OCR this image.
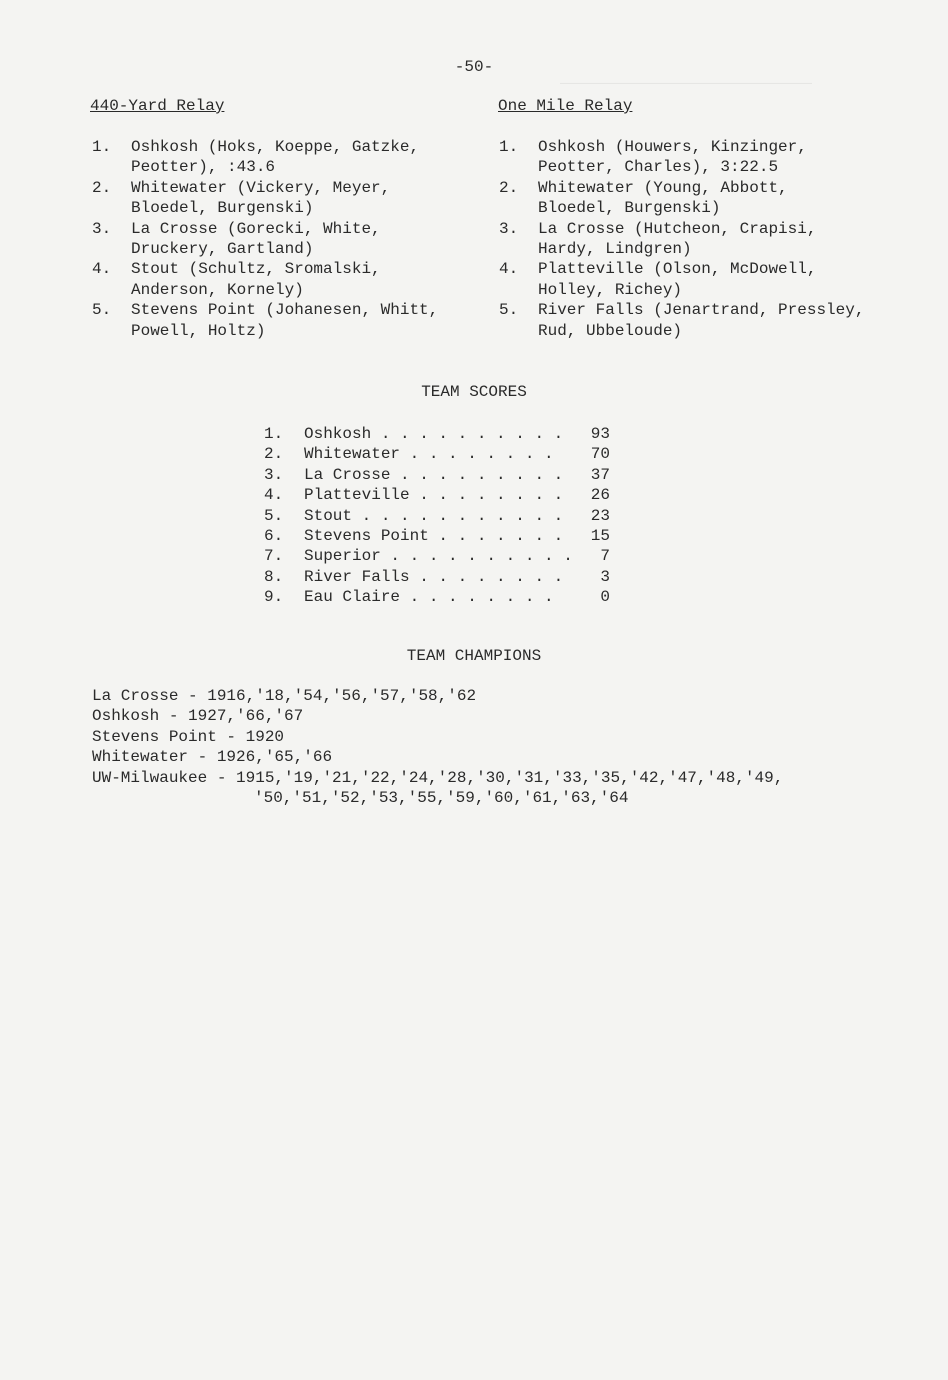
‾‾‾‾‾‾‾‾‾‾‾‾‾‾‾‾‾‾‾‾‾‾‾‾‾‾‾‾
-50-
440-Yard Relay
1. Oshkosh (Hoks, Koeppe, Gatzke,
Peotter), :43.6
2. Whitewater (Vickery, Meyer,
Bloedel, Burgenski)
3. La Crosse (Gorecki, White,
Druckery, Gartland)
4. Stout (Schultz, Sromalski,
Anderson, Kornely)
5. Stevens Point (Johanesen, Whitt,
Powell, Holtz)
One Mile Relay
1. Oshkosh (Houwers, Kinzinger,
Peotter, Charles), 3:22.5
2. Whitewater (Young, Abbott,
Bloedel, Burgenski)
3. La Crosse (Hutcheon, Crapisi,
Hardy, Lindgren)
4. Platteville (Olson, McDowell,
Holley, Richey)
5. River Falls (Jenartrand, Pressley,
Rud, Ubbeloude)
TEAM SCORES
1.	Oshkosh . . . . . . . . . .	93
2.	Whitewater . . . . . . . .	70
3.	La Crosse . . . . . . . . .	37
4.	Platteville . . . . . . . .	26
5.	Stout . . . . . . . . . . .	23
6.	Stevens Point . . . . . . .	15
7.	Superior . . . . . . . . . .	7
8.	River Falls . . . . . . . .	3
9.	Eau Claire . . . . . . . .	0
TEAM CHAMPIONS
La Crosse - 1916,'18,'54,'56,'57,'58,'62
Oshkosh - 1927,'66,'67
Stevens Point - 1920
Whitewater - 1926,'65,'66
UW-Milwaukee - 1915,'19,'21,'22,'24,'28,'30,'31,'33,'35,'42,'47,'48,'49,
'50,'51,'52,'53,'55,'59,'60,'61,'63,'64
